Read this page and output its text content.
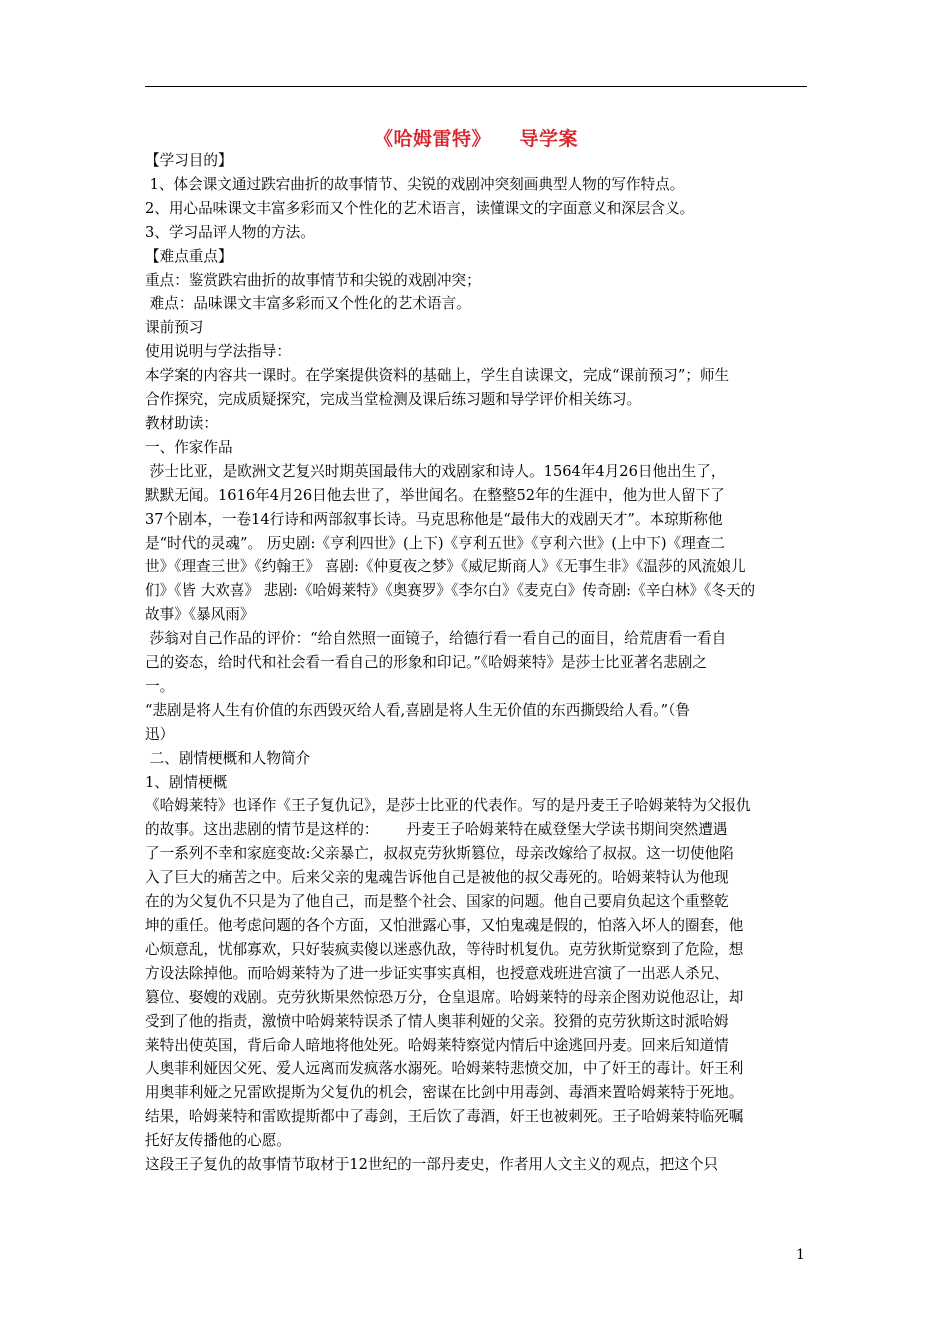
《哈姆雷特》    导学案

【学习目的】

1、体会课文通过跌宕曲折的故事情节、尖锐的戏剧冲突刻画典型人物的写作特点。

2、用心品味课文丰富多彩而又个性化的艺术语言，读懂课文的字面意义和深层含义。

3、学习品评人物的方法。

【难点重点】

重点：鉴赏跌宕曲折的故事情节和尖锐的戏剧冲突；

难点：品味课文丰富多彩而又个性化的艺术语言。

课前预习

使用说明与学法指导：

本学案的内容共一课时。在学案提供资料的基础上，学生自读课文，完成“课前预习”；师生

合作探究，完成质疑探究，完成当堂检测及课后练习题和导学评价相关练习。

教材助读：

一、作家作品

莎士比亚，是欧洲文艺复兴时期英国最伟大的戏剧家和诗人。1564年4月26日他出生了，

默默无闻。1616年4月26日他去世了，举世闻名。在整整52年的生涯中，他为世人留下了

37个剧本，一卷14行诗和两部叙事长诗。马克思称他是“最伟大的戏剧天才”。本琼斯称他

是“时代的灵魂”。 历史剧:《亨利四世》(上下)《亨利五世》《亨利六世》(上中下)《理查二

世》《理查三世》《约翰王》 喜剧:《仲夏夜之梦》《威尼斯商人》《无事生非》《温莎的风流娘儿

们》《皆 大欢喜》 悲剧:《哈姆莱特》《奥赛罗》《李尔白》《麦克白》传奇剧:《辛白林》《冬天的

故事》《暴风雨》

莎翁对自己作品的评价：“给自然照一面镜子，给德行看一看自己的面目，给荒唐看一看自

己的姿态，给时代和社会看一看自己的形象和印记。”《哈姆莱特》是莎士比亚著名悲剧之

一。

“悲剧是将人生有价值的东西毁灭给人看,喜剧是将人生无价值的东西撕毁给人看。”（鲁

迅）

二、剧情梗概和人物简介

1、剧情梗概

《哈姆莱特》也译作《王子复仇记》，是莎士比亚的代表作。写的是丹麦王子哈姆莱特为父报仇

的故事。这出悲剧的情节是这样的：      丹麦王子哈姆莱特在威登堡大学读书期间突然遭遇

了一系列不幸和家庭变故:父亲暴亡，叔叔克劳狄斯篡位，母亲改嫁给了叔叔。这一切使他陷

入了巨大的痛苦之中。后来父亲的鬼魂告诉他自己是被他的叔父毒死的。哈姆莱特认为他现

在的为父复仇不只是为了他自己，而是整个社会、国家的问题。他自己要肩负起这个重整乾

坤的重任。他考虑问题的各个方面，又怕泄露心事，又怕鬼魂是假的，怕落入坏人的圈套，他

心烦意乱，忧郁寡欢，只好装疯卖傻以迷惑仇敌，等待时机复仇。克劳狄斯觉察到了危险，想

方设法除掉他。而哈姆莱特为了进一步证实事实真相，也授意戏班进宫演了一出恶人杀兄、

篡位、娶嫂的戏剧。克劳狄斯果然惊恐万分，仓皇退席。哈姆莱特的母亲企图劝说他忍让，却

受到了他的指责，激愤中哈姆莱特误杀了情人奥菲利娅的父亲。狡猾的克劳狄斯这时派哈姆

莱特出使英国，背后命人暗地将他处死。哈姆莱特察觉内情后中途逃回丹麦。回来后知道情

人奥菲利娅因父死、爱人远离而发疯落水溺死。哈姆莱特悲愤交加，中了奸王的毒计。奸王利

用奥菲利娅之兄雷欧提斯为父复仇的机会，密谋在比剑中用毒剑、毒酒来置哈姆莱特于死地。

结果，哈姆莱特和雷欧提斯都中了毒剑，王后饮了毒酒，奸王也被刺死。王子哈姆莱特临死嘱

托好友传播他的心愿。

这段王子复仇的故事情节取材于12世纪的一部丹麦史，作者用人文主义的观点，把这个只

1
